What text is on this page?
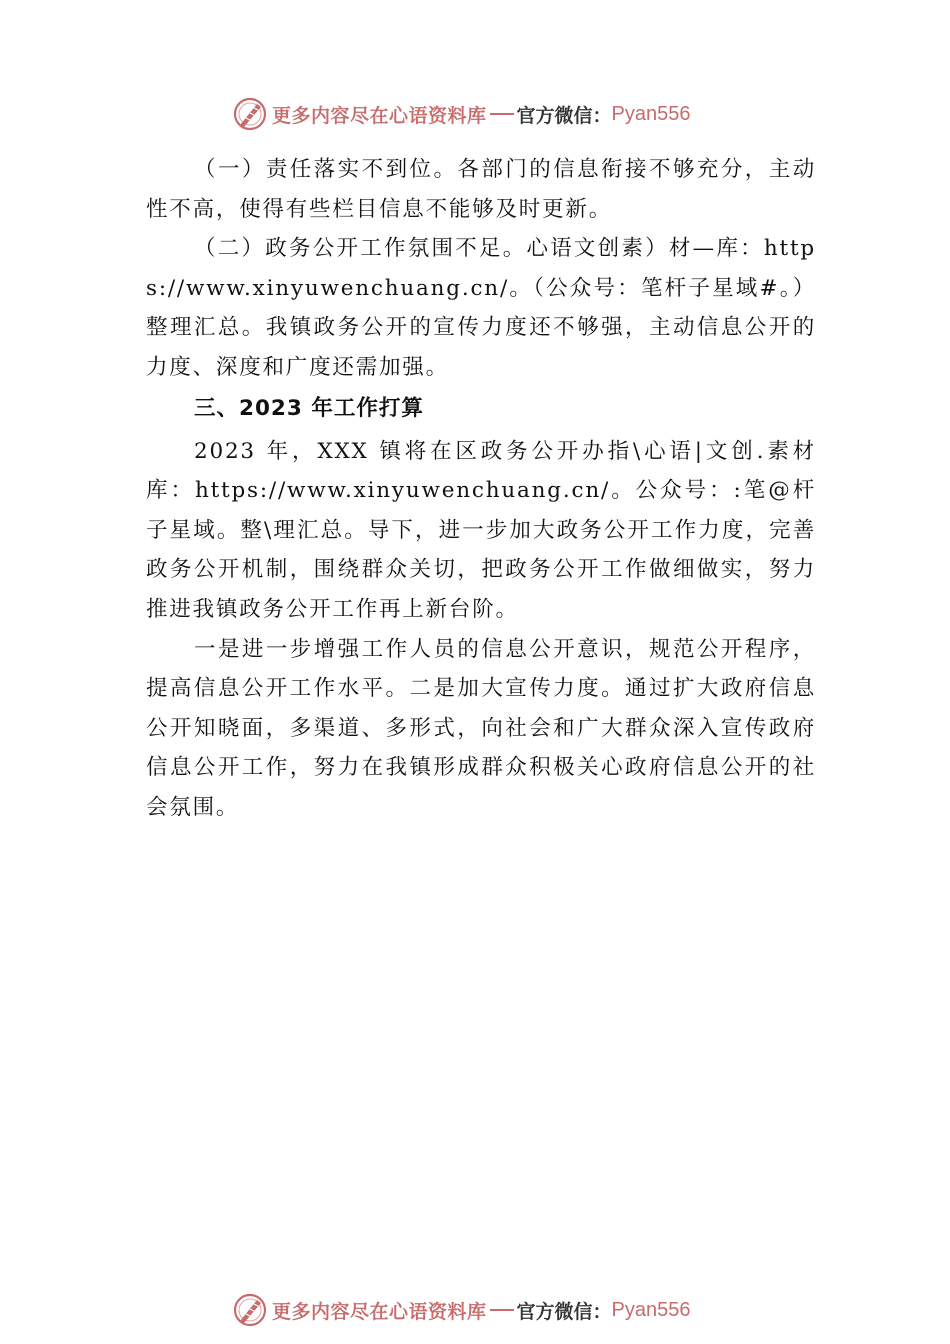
更多内容尽在心语资料库 官方微信： Pyan556

（一）责任落实不到位。各部门的信息衔接不够充分，主动性不高，使得有些栏目信息不能够及时更新。

（二）政务公开工作氛围不足。心语文创素）材—库：https://www.xinyuwenchuang.cn/。（公众号：笔杆子星域#。）整理汇总。我镇政务公开的宣传力度还不够强，主动信息公开的力度、深度和广度还需加强。

三、2023 年工作打算

2023 年，XXX 镇将在区政务公开办指\心语|文创.素材库：https://www.xinyuwenchuang.cn/。公众号：:笔@杆子星域。整\理汇总。导下，进一步加大政务公开工作力度，完善政务公开机制，围绕群众关切，把政务公开工作做细做实，努力推进我镇政务公开工作再上新台阶。

一是进一步增强工作人员的信息公开意识，规范公开程序，提高信息公开工作水平。二是加大宣传力度。通过扩大政府信息公开知晓面，多渠道、多形式，向社会和广大群众深入宣传政府信息公开工作，努力在我镇形成群众积极关心政府信息公开的社会氛围。

更多内容尽在心语资料库 官方微信： Pyan556
